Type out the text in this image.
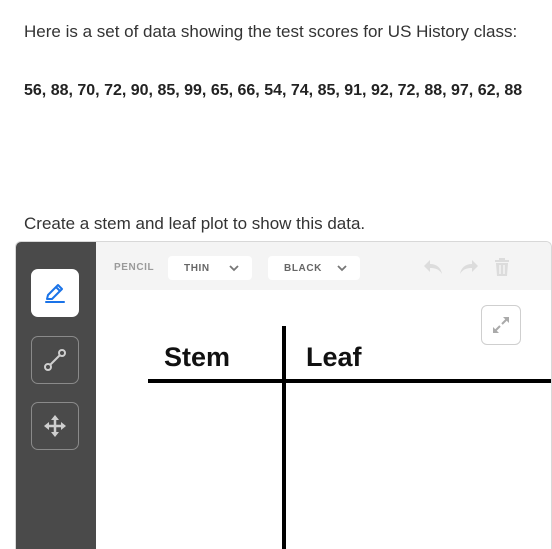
Here is a set of data showing the test scores for US History class:

56, 88, 70, 72, 90, 85, 99, 65, 66, 54, 74, 85, 91, 92, 72, 88, 97, 62, 88

Create a stem and leaf plot to show this data.

PENCIL	THIN	BLACK
Stem	Leaf
